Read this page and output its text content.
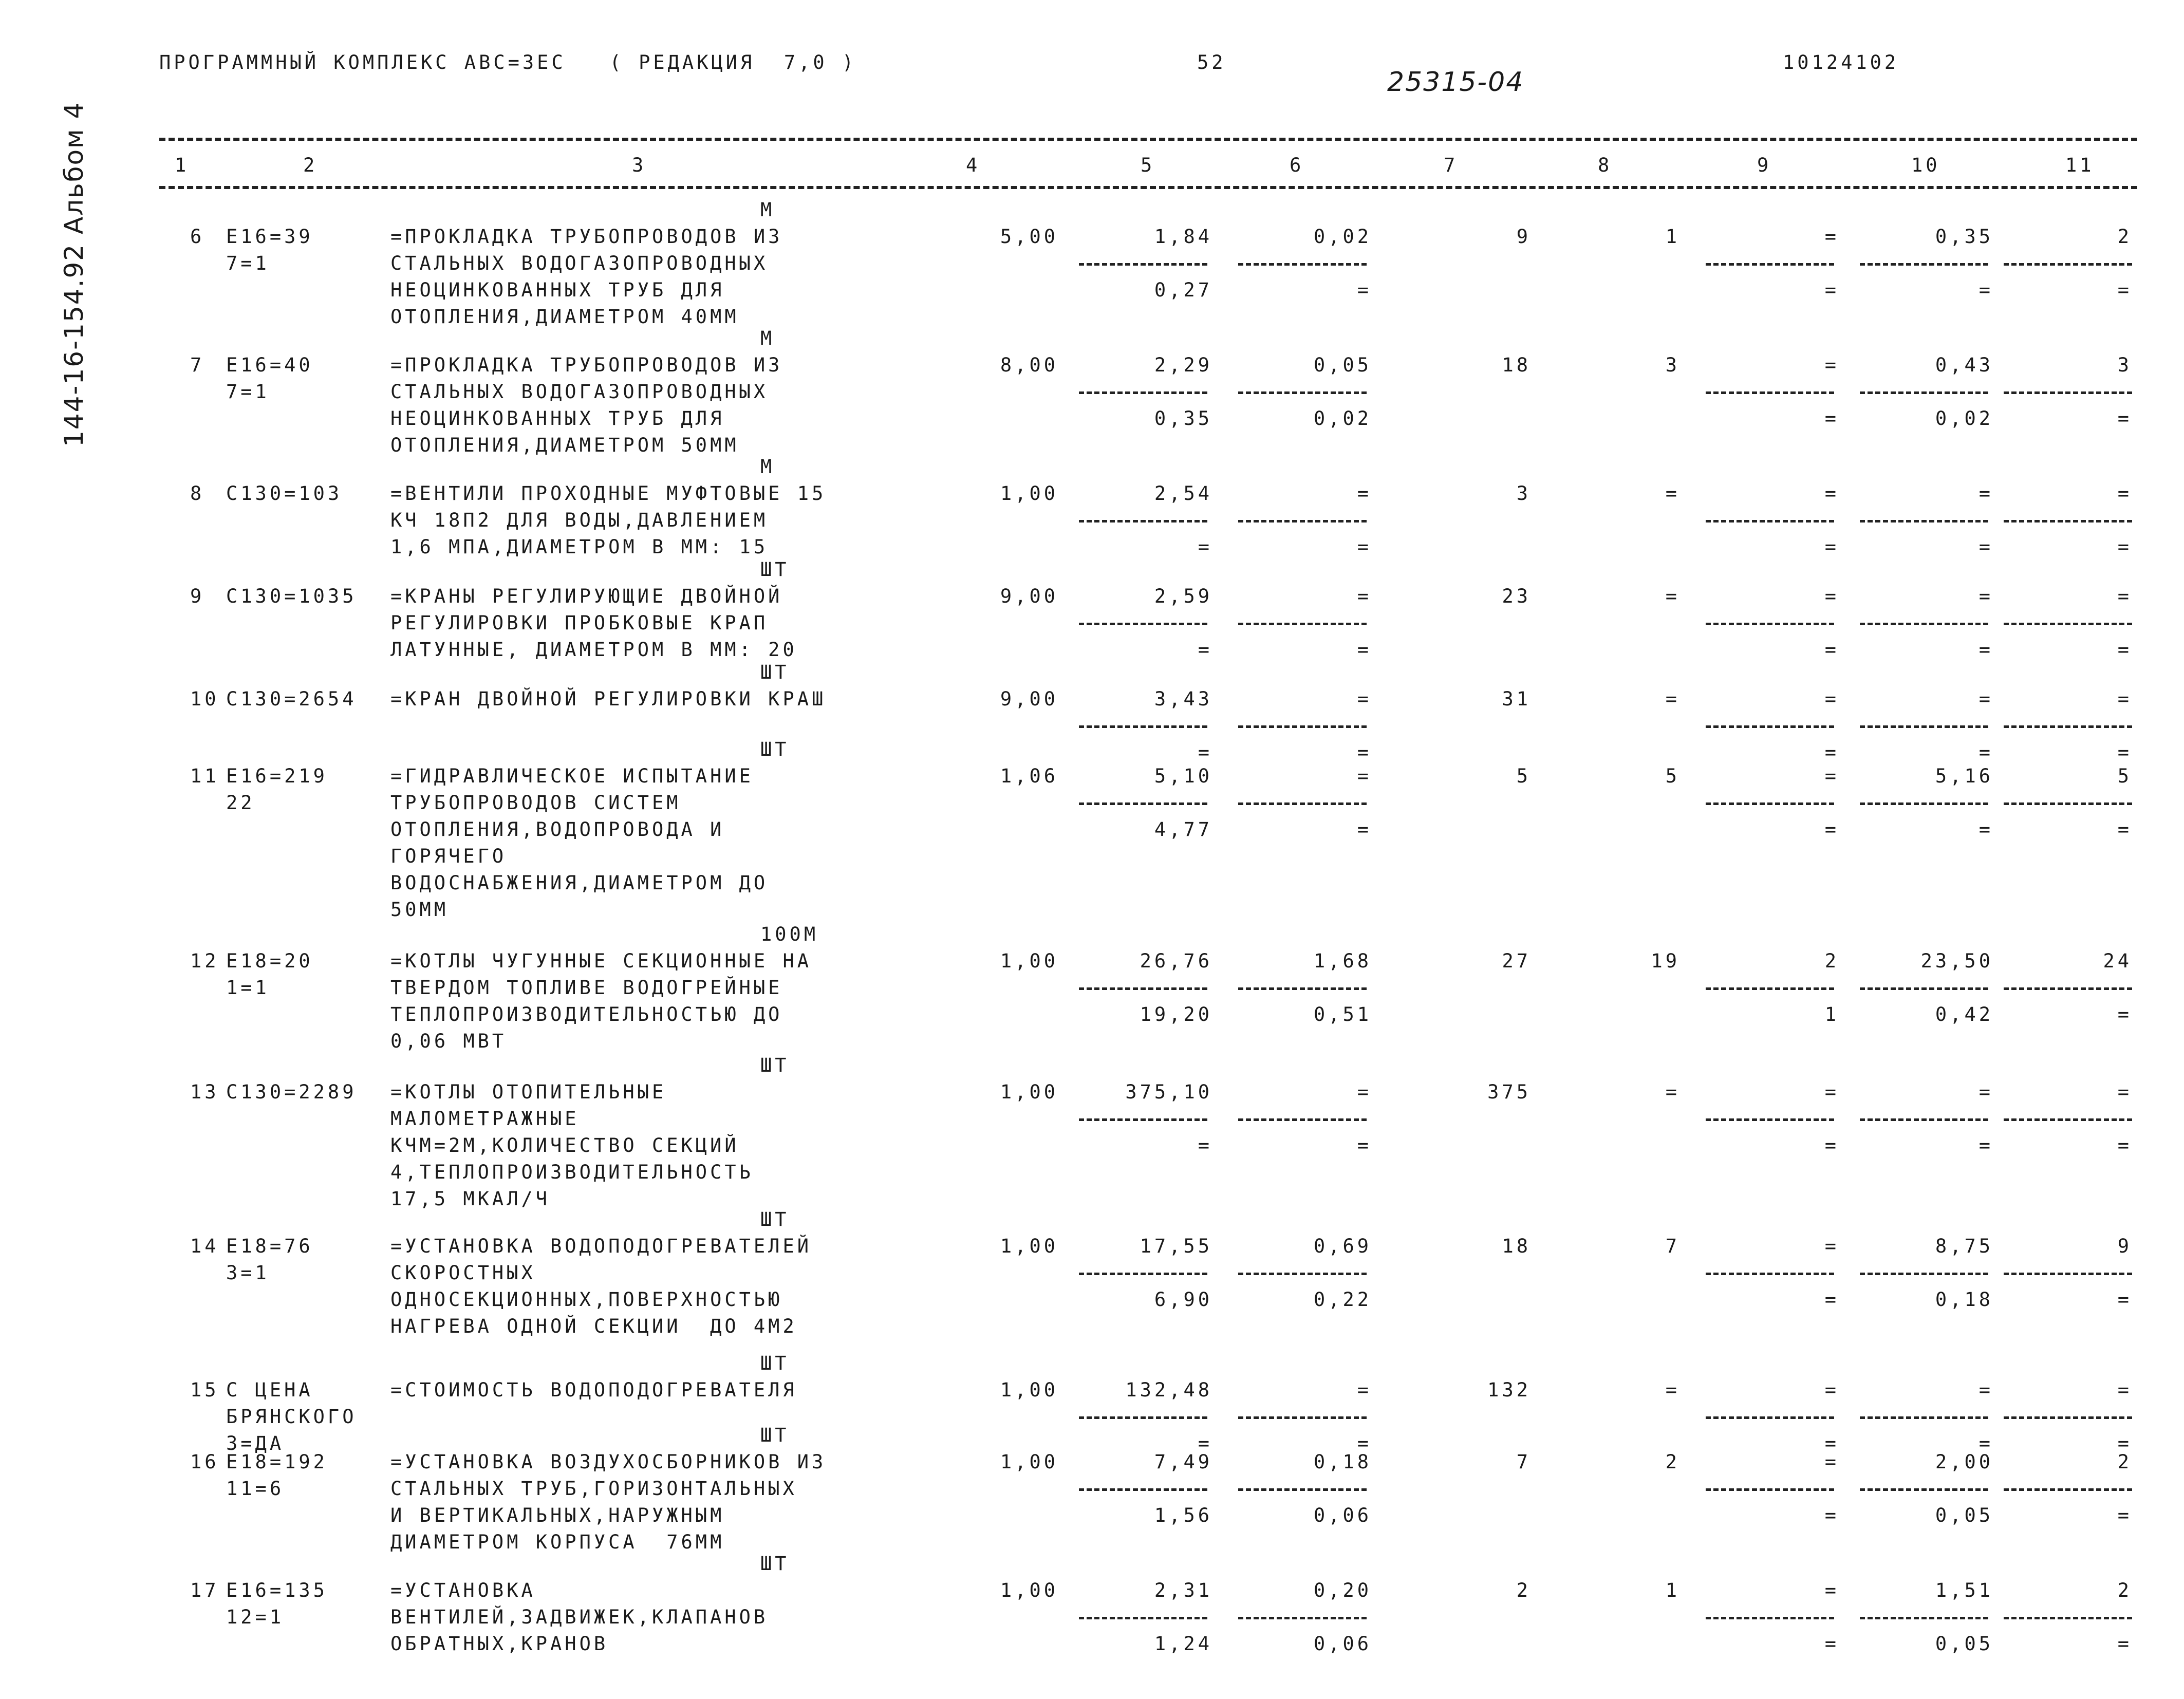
144-16-154.92 Альбом 4
ПРОГРАММНЫЙ КОМПЛЕКС АВС=3ЕС   ( РЕДАКЦИЯ  7,0 )	52
25315-04
10124102
1	2	3	4	5	6	7	8	9	10	11
М
6 Е16=39
7=1
=ПРОКЛАДКА ТРУБОПРОВОДОВ ИЗ
СТАЛЬНЫХ ВОДОГАЗОПРОВОДНЫХ
НЕОЦИНКОВАННЫХ ТРУБ ДЛЯ
ОТОПЛЕНИЯ,ДИАМЕТРОМ 40ММ
5,00	1,84	0,02	9	1	=	0,35	2
0,27	=	=	=	=
М
7 Е16=40
7=1
=ПРОКЛАДКА ТРУБОПРОВОДОВ ИЗ
СТАЛЬНЫХ ВОДОГАЗОПРОВОДНЫХ
НЕОЦИНКОВАННЫХ ТРУБ ДЛЯ
ОТОПЛЕНИЯ,ДИАМЕТРОМ 50ММ
8,00	2,29	0,05	18	3	=	0,43	3
0,35	0,02	=	0,02	=
М
8 С130=103	=ВЕНТИЛИ ПРОХОДНЫЕ МУФТОВЫЕ 15
КЧ 18П2 ДЛЯ ВОДЫ,ДАВЛЕНИЕМ
1,6 МПА,ДИАМЕТРОМ В ММ: 15
1,00	2,54	=	3	=	=	=	=
=	=	=	=	=
ШТ
9 С130=1035 =КРАНЫ РЕГУЛИРУЮЩИЕ ДВОЙНОЙ
РЕГУЛИРОВКИ ПРОБКОВЫЕ КРАП
ЛАТУННЫЕ, ДИАМЕТРОМ В ММ: 20
9,00	2,59	=	23	=	=	=	=
=	=	=	=	=
ШТ
10 С130=2654 =КРАН ДВОЙНОЙ РЕГУЛИРОВКИ КРАШ	9,00	3,43	=	31	=	=	=	=
=	=	=	=	=
ШТ
11 Е16=219
22
=ГИДРАВЛИЧЕСКОЕ ИСПЫТАНИЕ
ТРУБОПРОВОДОВ СИСТЕМ
ОТОПЛЕНИЯ,ВОДОПРОВОДА И
ГОРЯЧЕГО
ВОДОСНАБЖЕНИЯ,ДИАМЕТРОМ ДО
50ММ
1,06	5,10	=	5	5	=	5,16	5
4,77	=	=	=	=
100М
12 Е18=20
1=1
=КОТЛЫ ЧУГУННЫЕ СЕКЦИОННЫЕ НА
ТВЕРДОМ ТОПЛИВЕ ВОДОГРЕЙНЫЕ
ТЕПЛОПРОИЗВОДИТЕЛЬНОСТЬЮ ДО
0,06 МВТ
1,00	26,76	1,68	27	19	2	23,50	24
19,20	0,51	1	0,42	=
ШТ
13 С130=2289 =КОТЛЫ ОТОПИТЕЛЬНЫЕ
МАЛОМЕТРАЖНЫЕ
КЧМ=2М,КОЛИЧЕСТВО СЕКЦИЙ
4,ТЕПЛОПРОИЗВОДИТЕЛЬНОСТЬ
17,5 МКАЛ/Ч
1,00	375,10	=	375	=	=	=	=
=	=	=	=	=
ШТ
14 Е18=76
3=1
=УСТАНОВКА ВОДОПОДОГРЕВАТЕЛЕЙ
СКОРОСТНЫХ
ОДНОСЕКЦИОННЫХ,ПОВЕРХНОСТЬЮ
НАГРЕВА ОДНОЙ СЕКЦИИ  ДО 4М2
1,00	17,55	0,69	18	7	=	8,75	9
6,90	0,22	=	0,18	=
ШТ
15 С ЦЕНА
БРЯНСКОГО
3=ДА
=СТОИМОСТЬ ВОДОПОДОГРЕВАТЕЛЯ	1,00	132,48	=	132	=	=	=	=
=	=	=	=	=
ШТ
16 Е18=192
11=6
=УСТАНОВКА ВОЗДУХОСБОРНИКОВ ИЗ
СТАЛЬНЫХ ТРУБ,ГОРИЗОНТАЛЬНЫХ
И ВЕРТИКАЛЬНЫХ,НАРУЖНЫМ
ДИАМЕТРОМ КОРПУСА  76ММ
1,00	7,49	0,18	7	2	=	2,00	2
1,56	0,06	=	0,05	=
ШТ
17 Е16=135
12=1
=УСТАНОВКА
ВЕНТИЛЕЙ,ЗАДВИЖЕК,КЛАПАНОВ
ОБРАТНЫХ,КРАНОВ
1,00	2,31	0,20	2	1	=	1,51	2
1,24	0,06	=	0,05	=
